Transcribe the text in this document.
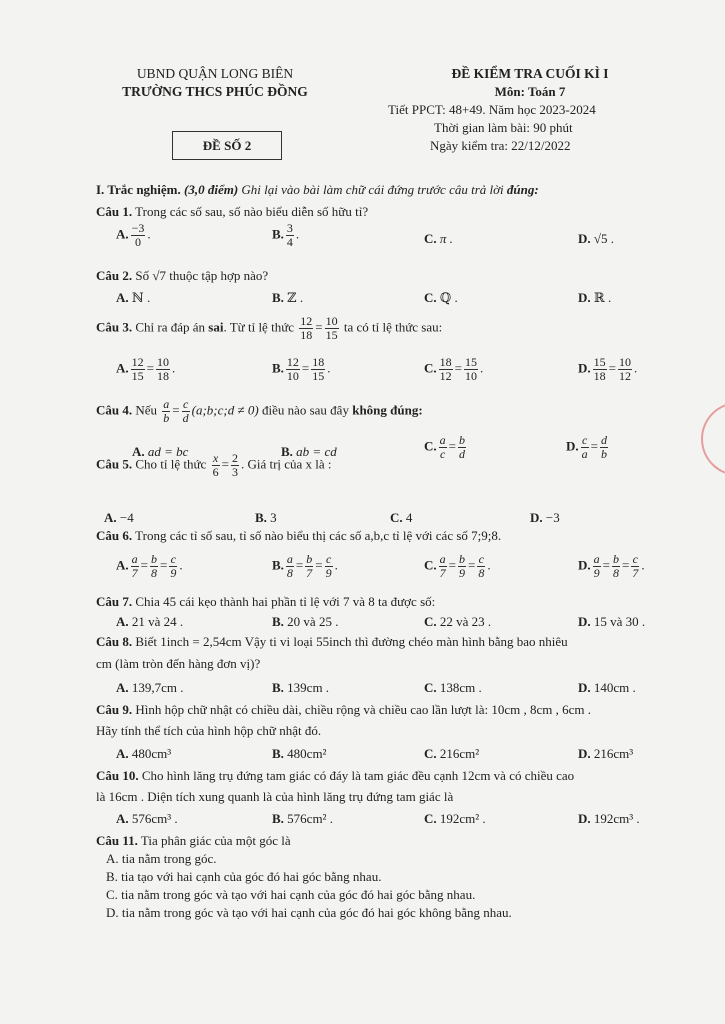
UBND QUẬN LONG BIÊN
TRƯỜNG THCS PHÚC ĐỒNG
ĐỀ SỐ 2
ĐỀ KIỂM TRA CUỐI KÌ I
Môn: Toán 7
Tiết PPCT: 48+49. Năm học 2023-2024
Thời gian làm bài: 90 phút
Ngày kiểm tra: 22/12/2022
I. Trắc nghiệm. (3,0 điểm) Ghi lại vào bài làm chữ cái đứng trước câu trả lời đúng:
Câu 1. Trong các số sau, số nào biểu diễn số hữu tỉ?
A. $\frac{-3}{0}$ .	B. $\frac{3}{4}$ .	C. π .	D. √5 .
Câu 2. Số √7 thuộc tập hợp nào?
A. ℕ .	B. ℤ .	C. ℚ .	D. ℝ .
Câu 3. Chỉ ra đáp án sai. Từ tỉ lệ thức $\frac{12}{18} = \frac{10}{15}$ ta có tỉ lệ thức sau:
A. $\frac{12}{15} = \frac{10}{18}$ .	B. $\frac{12}{10} = \frac{18}{15}$ .	C. $\frac{18}{12} = \frac{15}{10}$ .	D. $\frac{15}{18} = \frac{10}{12}$ .
Câu 4. Nếu $\frac{a}{b} = \frac{c}{d}$ (a;b;c;d ≠ 0) điều nào sau đây không đúng:
A. ad = bc	B. ab = cd	C. $\frac{a}{c} = \frac{b}{d}$	D. $\frac{c}{a} = \frac{d}{b}$
Câu 5. Cho tỉ lệ thức $\frac{x}{6} = \frac{2}{3}$ . Giá trị của x là :
A. −4	B. 3	C. 4	D. −3
Câu 6. Trong các tỉ số sau, tỉ số nào biểu thị các số a,b,c tỉ lệ với các số 7;9;8.
A. $\frac{a}{7} = \frac{b}{8} = \frac{c}{9}$ .	B. $\frac{a}{8} = \frac{b}{7} = \frac{c}{9}$ .	C. $\frac{a}{7} = \frac{b}{9} = \frac{c}{8}$ .	D. $\frac{a}{9} = \frac{b}{8} = \frac{c}{7}$ .
Câu 7. Chia 45 cái kẹo thành hai phần tỉ lệ với 7 và 8 ta được số:
A. 21 và 24 .	B. 20 và 25 .	C. 22 và 23 .	D. 15 và 30 .
Câu 8. Biết 1inch = 2,54cm Vậy ti vi loại 55inch thì đường chéo màn hình bằng bao nhiêu
cm (làm tròn đến hàng đơn vị)?
A. 139,7cm .	B. 139cm .	C. 138cm .	D. 140cm .
Câu 9. Hình hộp chữ nhật có chiều dài, chiều rộng và chiều cao lần lượt là: 10cm , 8cm , 6cm .
Hãy tính thể tích của hình hộp chữ nhật đó.
A. 480cm³	B. 480cm²	C. 216cm²	D. 216cm³
Câu 10. Cho hình lăng trụ đứng tam giác có đáy là tam giác đều cạnh 12cm và có chiều cao
là 16cm . Diện tích xung quanh là của hình lăng trụ đứng tam giác là
A. 576cm³ .	B. 576cm² .	C. 192cm² .	D. 192cm³ .
Câu 11. Tia phân giác của một góc là
A. tia nằm trong góc.
B. tia tạo với hai cạnh của góc đó hai góc bằng nhau.
C. tia nằm trong góc và tạo với hai cạnh của góc đó hai góc bằng nhau.
D. tia nằm trong góc và tạo với hai cạnh của góc đó hai góc không bằng nhau.
